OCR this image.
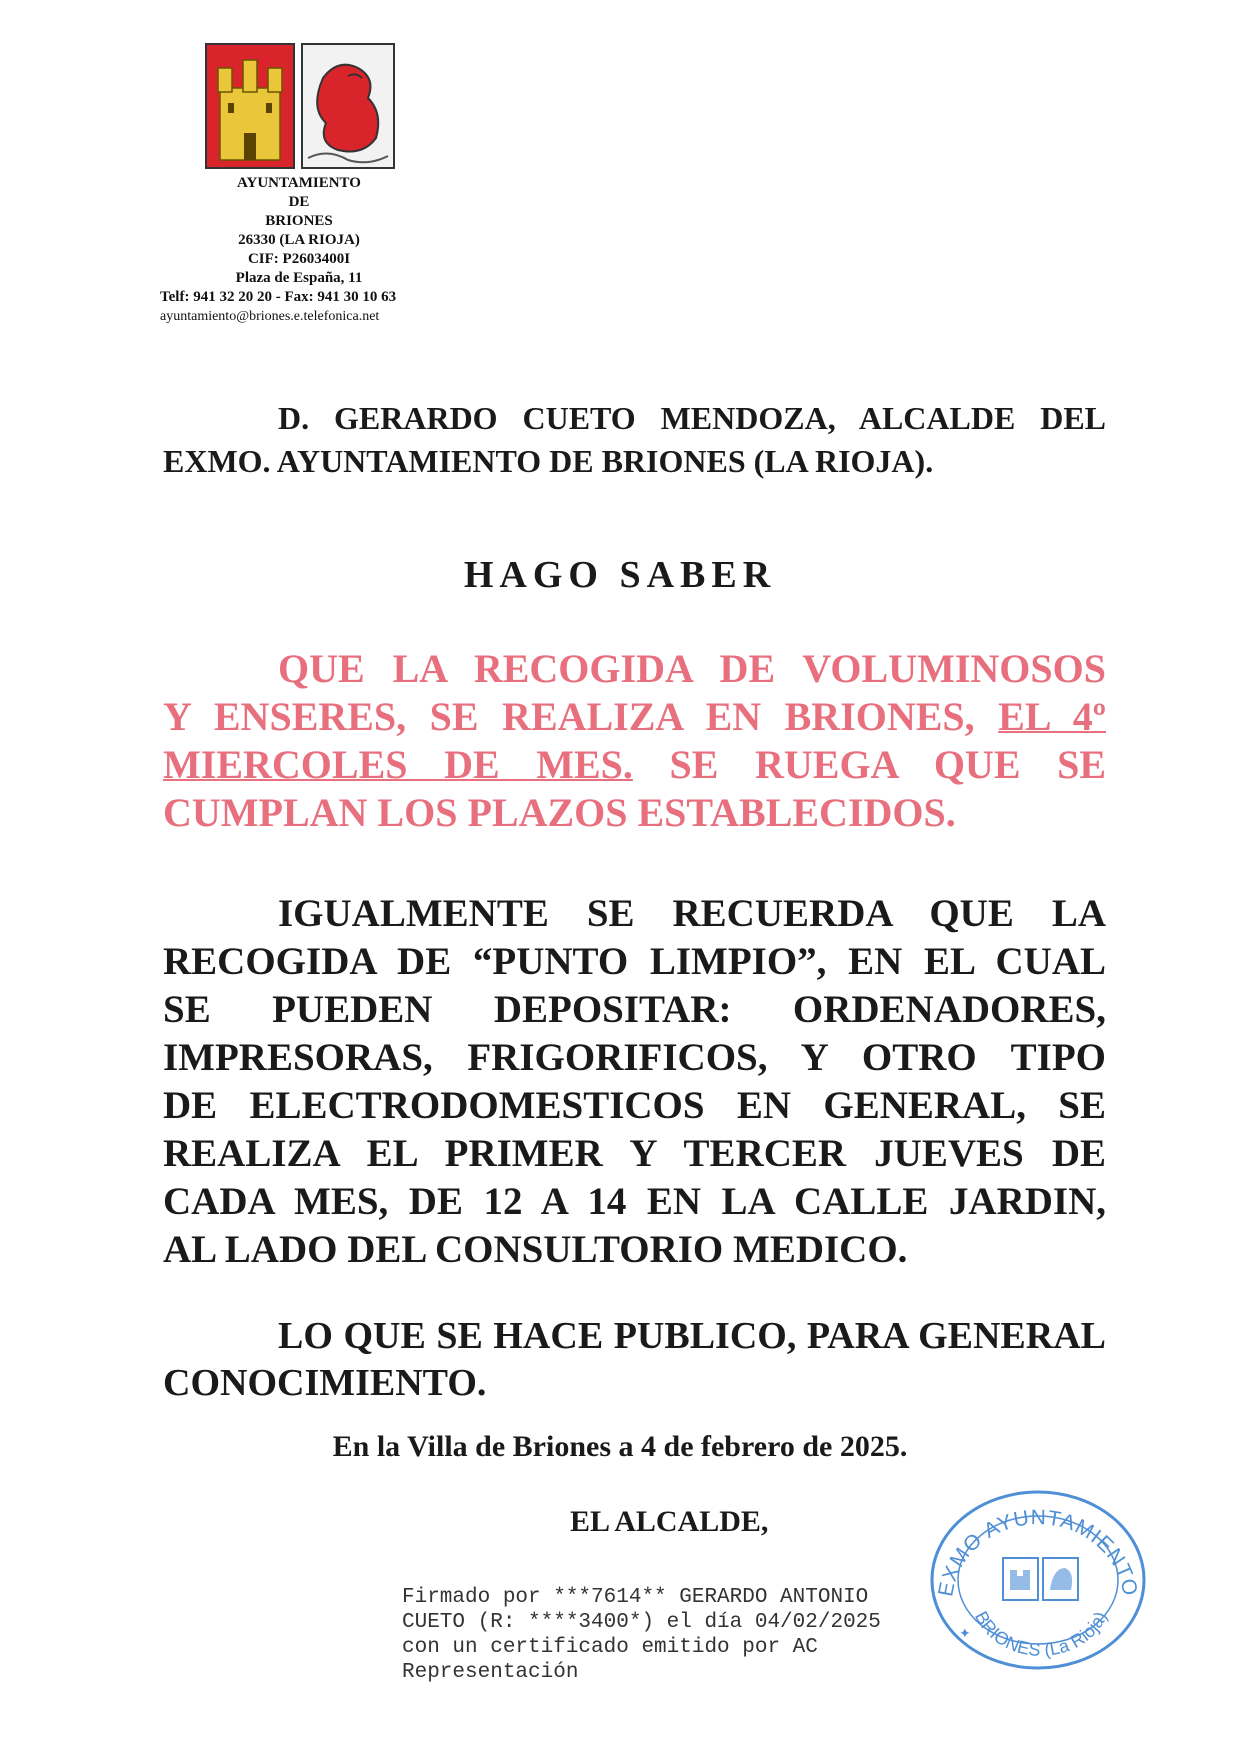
AYUNTAMIENTO
DE
BRIONES
26330 (LA RIOJA)
CIF: P2603400I
Plaza de España, 11
Telf: 941 32 20 20 - Fax: 941 30 10 63
ayuntamiento@briones.e.telefonica.net
D. GERARDO CUETO MENDOZA, ALCALDE DEL
EXMO. AYUNTAMIENTO DE BRIONES (LA RIOJA).
HAGO SABER
QUE LA RECOGIDA DE VOLUMINOSOS
Y ENSERES, SE REALIZA EN BRIONES, EL 4º
MIERCOLES DE MES. SE RUEGA QUE SE
CUMPLAN LOS PLAZOS ESTABLECIDOS.
IGUALMENTE SE RECUERDA QUE LA
RECOGIDA DE “PUNTO LIMPIO”, EN EL CUAL
SE PUEDEN DEPOSITAR: ORDENADORES,
IMPRESORAS, FRIGORIFICOS, Y OTRO TIPO
DE ELECTRODOMESTICOS EN GENERAL, SE
REALIZA EL PRIMER Y TERCER JUEVES DE
CADA MES, DE 12 A 14 EN LA CALLE JARDIN,
AL LADO DEL CONSULTORIO MEDICO.
LO QUE SE HACE PUBLICO, PARA GENERAL
CONOCIMIENTO.
En la Villa de Briones a 4 de febrero de 2025.
EL ALCALDE,
EXMO AYUNTAMIENTO
BRIONES (La Rioja)
✦
Firmado por ***7614** GERARDO ANTONIO
CUETO (R: ****3400*) el día 04/02/2025
con un certificado emitido por AC
Representación
